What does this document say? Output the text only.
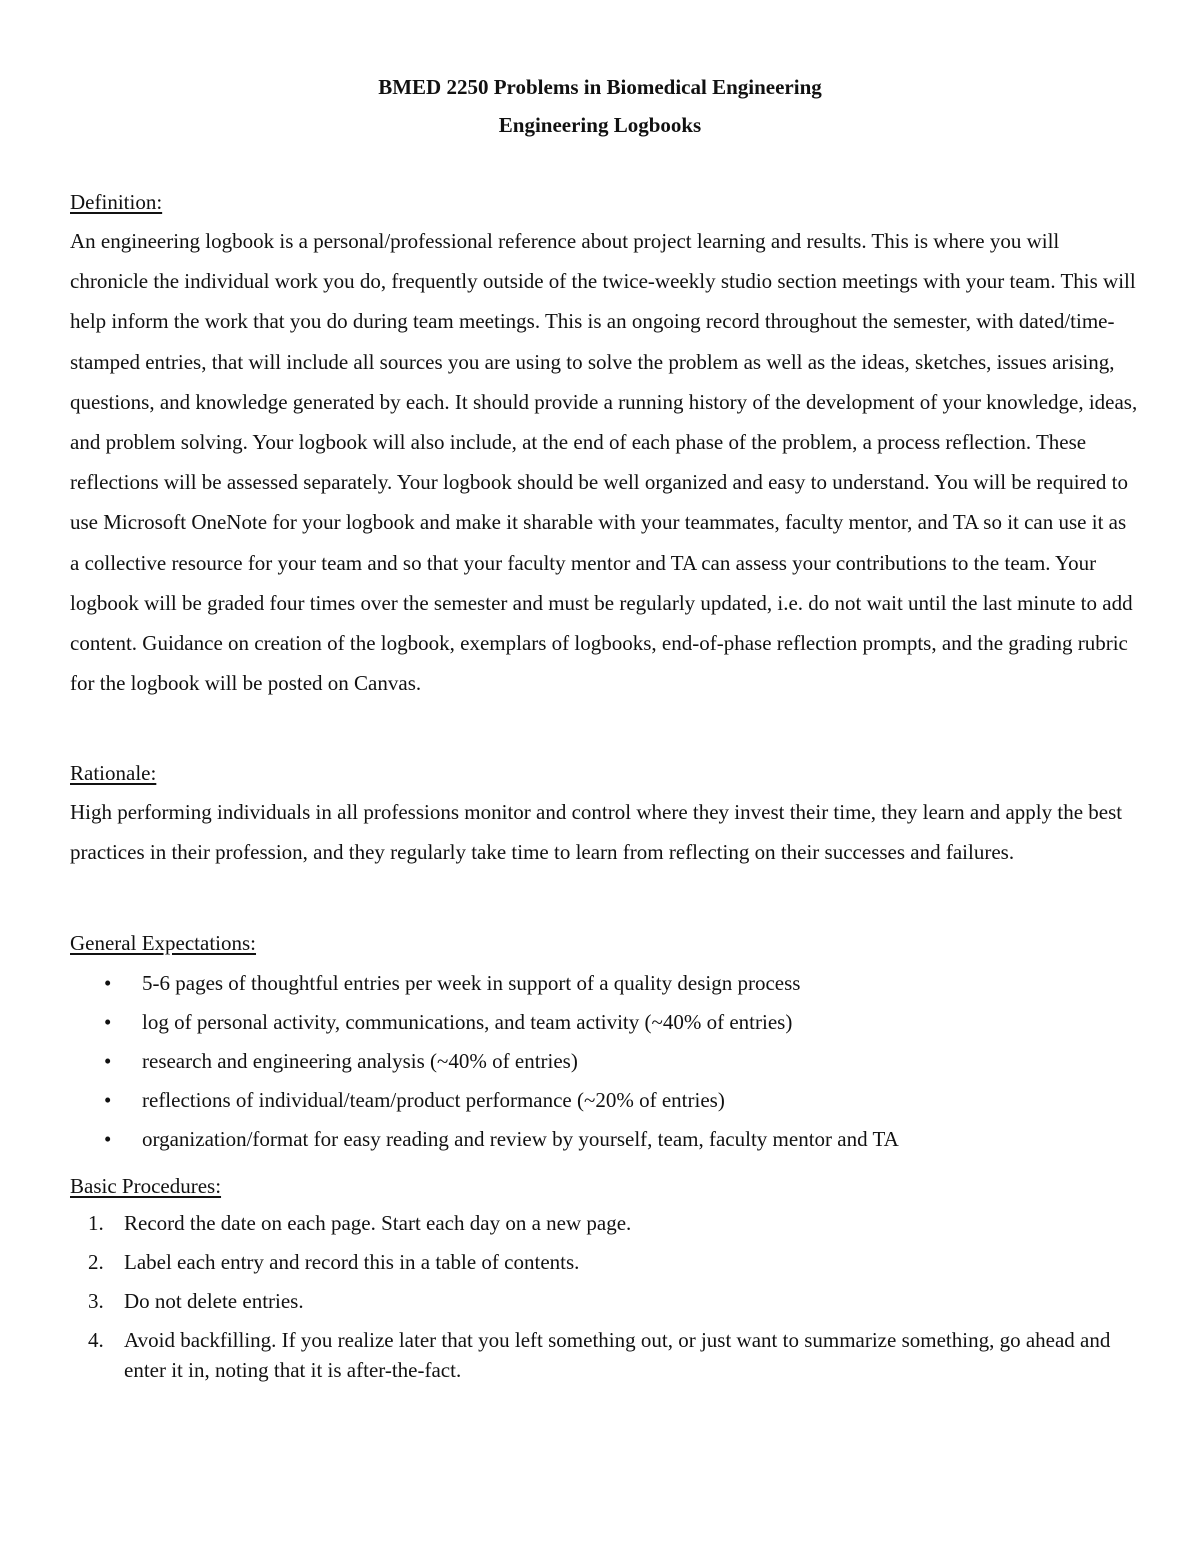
BMED 2250 Problems in Biomedical Engineering
Engineering Logbooks
Definition:

An engineering logbook is a personal/professional reference about project learning and results. This is where you will chronicle the individual work you do, frequently outside of the twice-weekly studio section meetings with your team. This will help inform the work that you do during team meetings. This is an ongoing record throughout the semester, with dated/time-stamped entries, that will include all sources you are using to solve the problem as well as the ideas, sketches, issues arising, questions, and knowledge generated by each. It should provide a running history of the development of your knowledge, ideas, and problem solving. Your logbook will also include, at the end of each phase of the problem, a process reflection. These reflections will be assessed separately. Your logbook should be well organized and easy to understand. You will be required to use Microsoft OneNote for your logbook and make it sharable with your teammates, faculty mentor, and TA so it can use it as a collective resource for your team and so that your faculty mentor and TA can assess your contributions to the team. Your logbook will be graded four times over the semester and must be regularly updated, i.e. do not wait until the last minute to add content. Guidance on creation of the logbook, exemplars of logbooks, end-of-phase reflection prompts, and the grading rubric for the logbook will be posted on Canvas.

Rationale:

High performing individuals in all professions monitor and control where they invest their time, they learn and apply the best practices in their profession, and they regularly take time to learn from reflecting on their successes and failures.

General Expectations:
• 5-6 pages of thoughtful entries per week in support of a quality design process
• log of personal activity, communications, and team activity (~40% of entries)
• research and engineering analysis (~40% of entries)
• reflections of individual/team/product performance (~20% of entries)
• organization/format for easy reading and review by yourself, team, faculty mentor and TA
Basic Procedures:
1. Record the date on each page. Start each day on a new page.
2. Label each entry and record this in a table of contents.
3. Do not delete entries.
4. Avoid backfilling. If you realize later that you left something out, or just want to summarize something, go ahead and enter it in, noting that it is after-the-fact.
